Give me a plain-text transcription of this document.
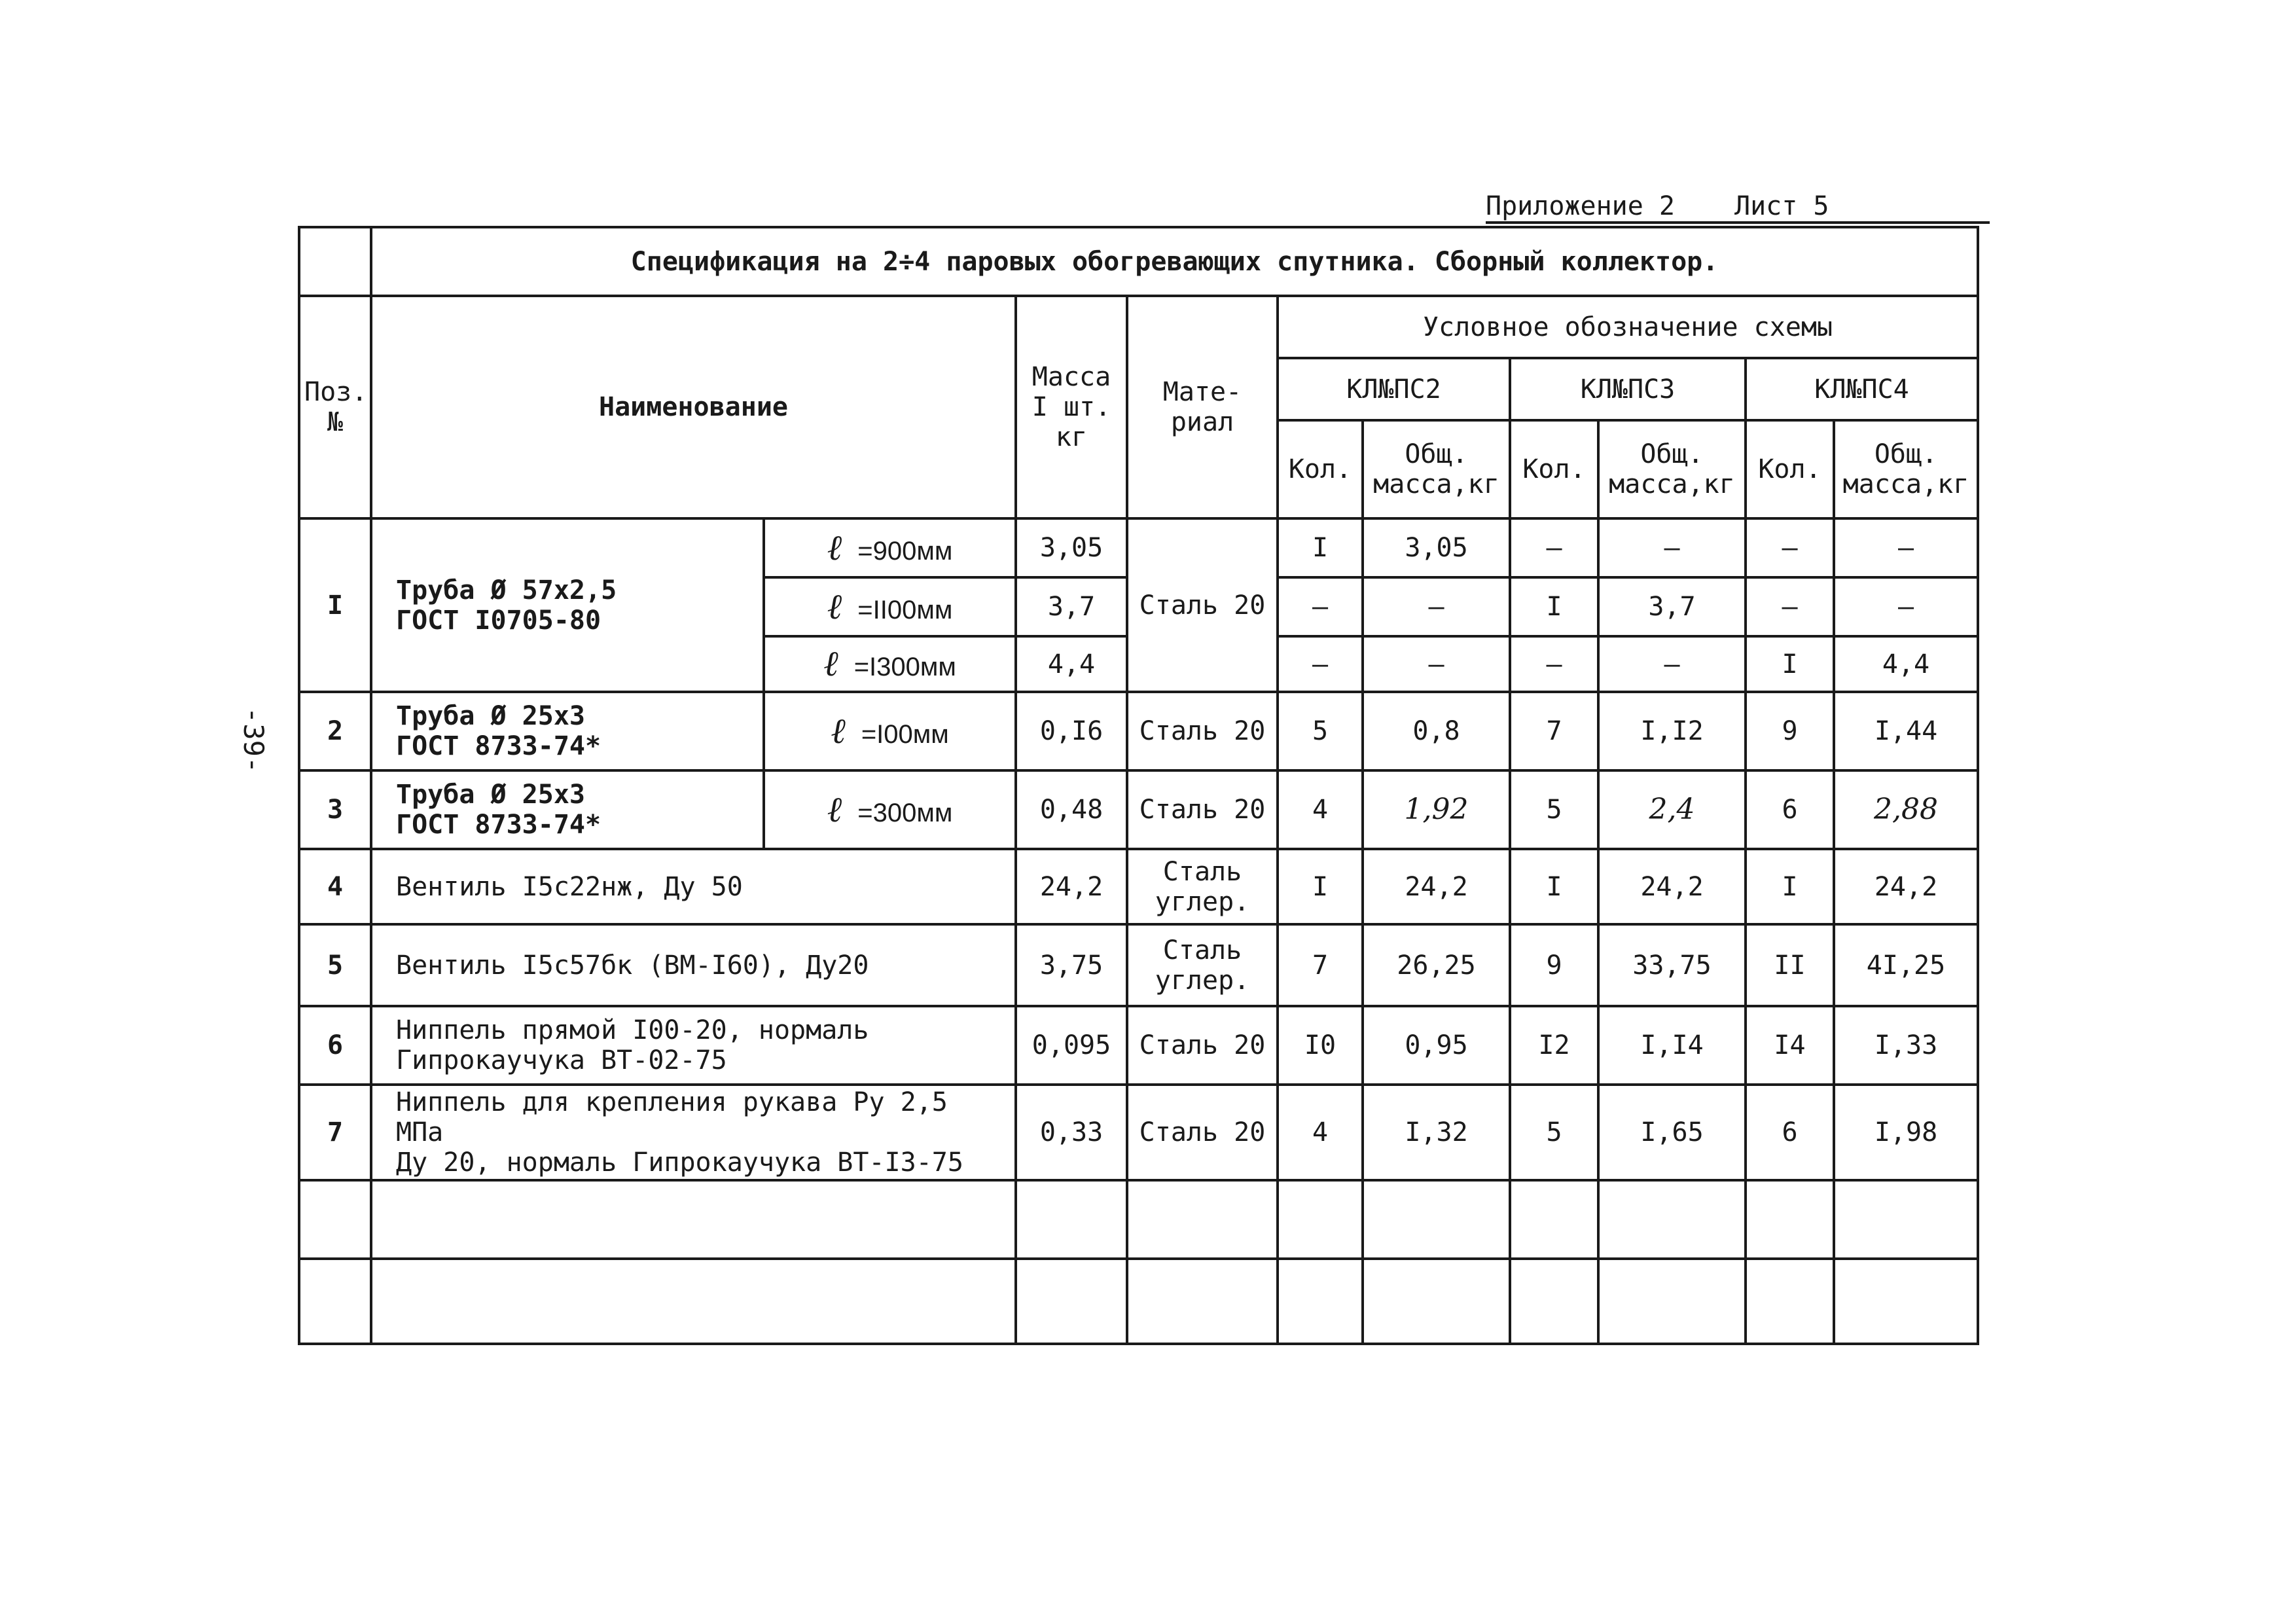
Приложение 2 Лист 5
-39-
	Спецификация на 2÷4 паровых обогревающих спутника. Сборный коллектор.									

Поз.
№	Наименование		Масса
I шт.
кг	Мате-
риал	Условное обозначение схемы					
					КЛ№ПС2		КЛ№ПС3		КЛ№ПС4	
					Кол.	Общ.
масса,кг	Кол.	Общ.
масса,кг	Кол.	Общ.
масса,кг

I	Труба Ø 57х2,5
ГОСТ I0705-80	ℓ =900мм	3,05	Сталь 20	I	3,05	–	–	–	–
		ℓ =II00мм	3,7		–	–	I	3,7	–	–
		ℓ =I300мм	4,4		–	–	–	–	I	4,4
2	Труба Ø 25х3
ГОСТ 8733-74*	ℓ =I00мм	0,I6	Сталь 20	5	0,8	7	I,I2	9	I,44
3	Труба Ø 25х3
ГОСТ 8733-74*	ℓ =300мм	0,48	Сталь 20	4	1,92	5	2,4	6	2,88
4	Вентиль I5с22нж, Ду 50		24,2	Сталь
углер.	I	24,2	I	24,2	I	24,2
5	Вентиль I5с57бк (ВМ-I60), Ду20		3,75	Сталь
углер.	7	26,25	9	33,75	II	4I,25
6	Ниппель прямой I00-20, нормаль
Гипрокаучука ВТ-02-75		0,095	Сталь 20	I0	0,95	I2	I,I4	I4	I,33
7	Ниппель для крепления рукава Ру 2,5 МПа
Ду 20, нормаль Гипрокаучука ВТ-I3-75		0,33	Сталь 20	4	I,32	5	I,65	6	I,98
